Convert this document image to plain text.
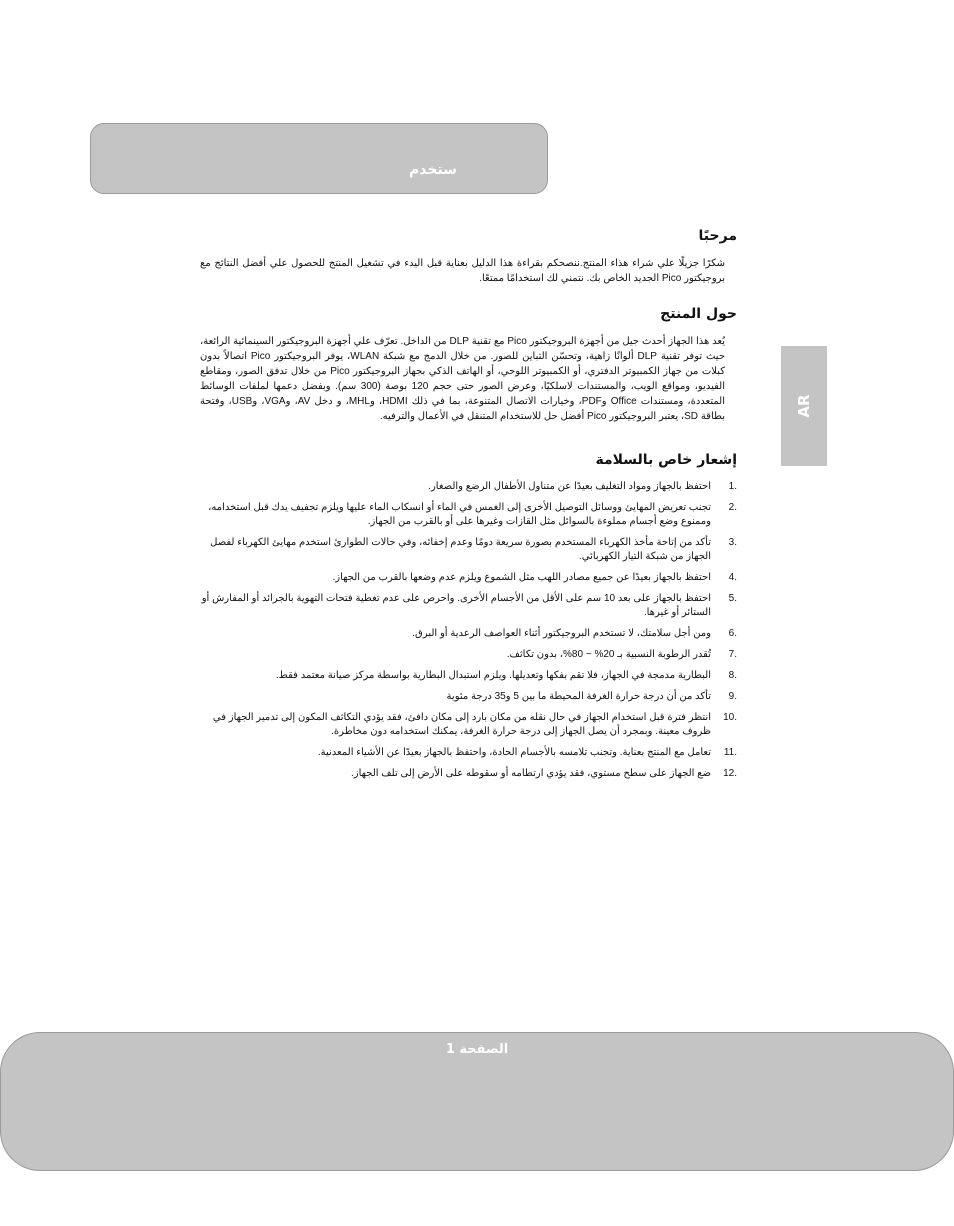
ستخدم
مرحبًا

شكرًا جزيلًا علي شراء هذاء المنتج.ننصحكم بقراءة هذا الدليل بعناية قبل اليدء في تشغيل المنتج للحصول علي أفضل النتائج مع بروجيكتور Pico الجديد الخاص بك. نتمني لك استخدامًا ممتعًا.

حول المنتج

يُعد هذا الجهاز أحدث جيل من أجهزة البروجيكتور Pico مع تقنية DLP من الداخل. تعرّف علي أجهزة البروجيكتور السينمائية الرائعة، حيث توفر تقنية DLP ألوانًا زاهية، وتحسّن التباين للصور. من خلال الدمج مع شبكة WLAN، يوفر البروجيكتور Pico اتصالاً بدون كبلات من جهاز الكمبيوتر الدفتري، أو الكمبيوتر اللوحي، أو الهاتف الذكي بجهاز البروجيكتور Pico من خلال تدفق الصور، ومقاطع الفيديو، ومواقع الويب، والمستندات لاسلكيًا، وعرض الصور حتى حجم 120 بوصة (300 سم). وبفضل دعمها لملفات الوسائط المتعددة، ومستندات Office وPDF، وخيارات الاتصال المتنوعة، بما في ذلك HDMI، وMHL، و دخل AV، وVGA، وUSB، وفتحة بطاقة SD، يعتبر البروجيكتور Pico أفضل حل للاستخدام المتنقل في الأعمال والترفيه.

إشعار خاص بالسلامة
1.
احتفظ بالجهاز ومواد التغليف بعيدًا عن متناول الأطفال الرضع والصغار.
2.
تجنب تعريض المهايئ ووسائل التوصيل الأخرى إلى الغمس في الماء أو انسكاب الماء عليها ويلزم تجفيف يدك قبل استخدامه، وممنوع وضع أجسام مملوءة بالسوائل مثل القازات وغيرها على أو بالقرب من الجهاز.
3.
تأكد من إتاحة مأخذ الكهرباء المستخدم بصورة سريعة دومًا وعدم إخفائه، وفي حالات الطوارئ استخدم مهايئ الكهرباء لفصل الجهاز من شبكة التيار الكهربائي.
4.
احتفظ بالجهاز بعيدًا عن جميع مصادر اللهب مثل الشموع ويلزم عدم وضعها بالقرب من الجهاز.
5.
احتفظ بالجهاز على بعد 10 سم على الأقل من الأجسام الأخرى. واحرص على عدم تغطية فتحات التهوية بالجرائد أو المفارش أو الستائر أو غيرها.
6.
ومن أجل سلامتك، لا تستخدم البروجيكتور أثناء العواصف الرعدية أو البرق.
7.
تُقدر الرطوبة النسبية بـ 20% ~ 80%، بدون تكاثف.
8.
البطارية مدمجة في الجهاز، فلا تقم بفكها وتعديلها. ويلزم استبدال البطارية بواسطة مركز صيانة معتمد فقط.
9.
تأكد من أن درجة حرارة الغرفة المحيطة ما بين 5 و35 درجة مئوية
10.
انتظر فترة قبل استخدام الجهاز في حال نقله من مكان بارد إلى مكان دافئ، فقد يؤدي التكاثف المكون إلى تدمير الجهاز في ظروف معينة. وبمجرد أن يصل الجهاز إلى درجة حرارة الغرفة، يمكنك استخدامه دون مخاطرة.
11.
تعامل مع المنتج بعناية. وتجنب تلامسه بالأجسام الحادة، واحتفظ بالجهاز بعيدًا عن الأشياء المعدنية.
12.
ضع الجهاز على سطح مستوي، فقد يؤدي ارتطامه أو سقوطه على الأرض إلى تلف الجهاز.
AR
الصفحة 1
